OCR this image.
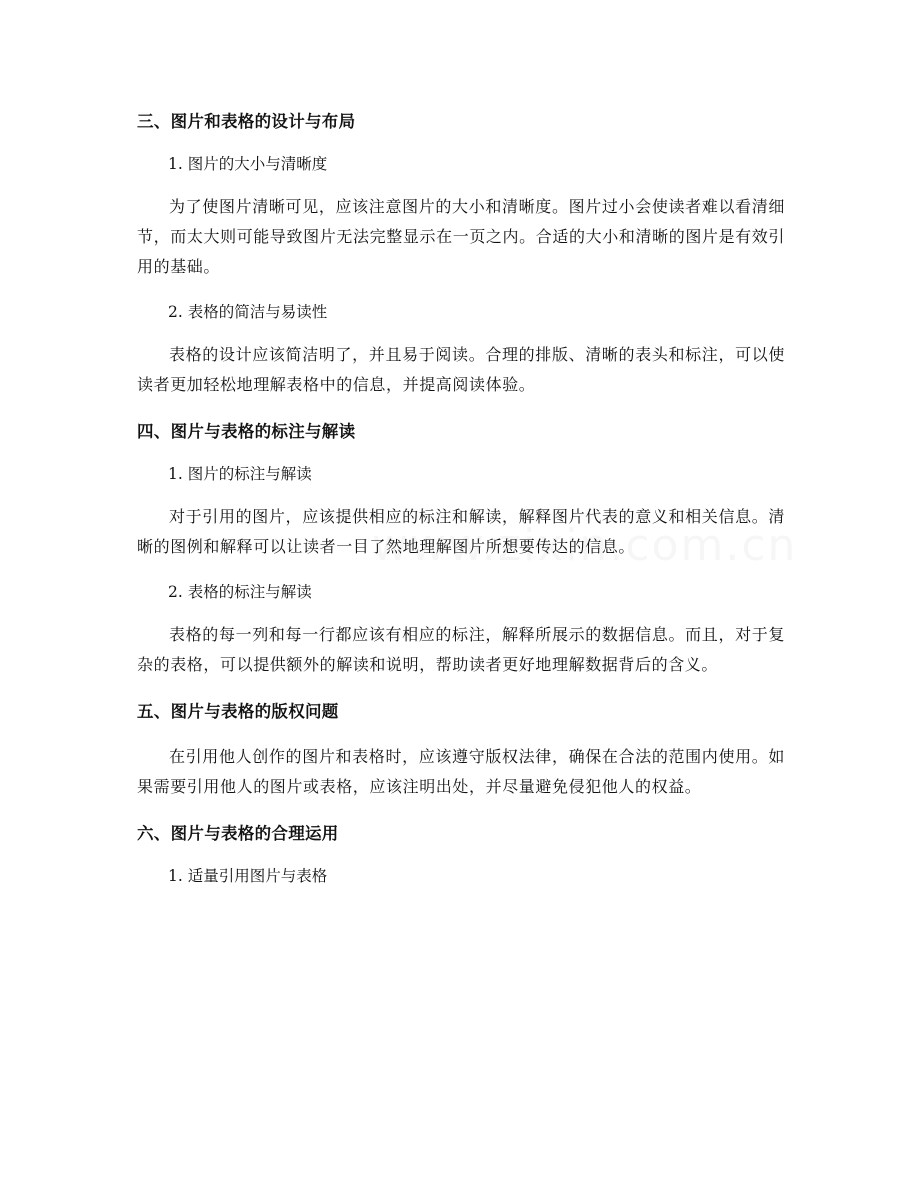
三、图片和表格的设计与布局

1. 图片的大小与清晰度

为了使图片清晰可见，应该注意图片的大小和清晰度。图片过小会使读者难以看清细节，而太大则可能导致图片无法完整显示在一页之内。合适的大小和清晰的图片是有效引用的基础。

2. 表格的简洁与易读性

表格的设计应该简洁明了，并且易于阅读。合理的排版、清晰的表头和标注，可以使读者更加轻松地理解表格中的信息，并提高阅读体验。

四、图片与表格的标注与解读

1. 图片的标注与解读

对于引用的图片，应该提供相应的标注和解读，解释图片代表的意义和相关信息。清晰的图例和解释可以让读者一目了然地理解图片所想要传达的信息。

2. 表格的标注与解读

表格的每一列和每一行都应该有相应的标注，解释所展示的数据信息。而且，对于复杂的表格，可以提供额外的解读和说明，帮助读者更好地理解数据背后的含义。

五、图片与表格的版权问题

在引用他人创作的图片和表格时，应该遵守版权法律，确保在合法的范围内使用。如果需要引用他人的图片或表格，应该注明出处，并尽量避免侵犯他人的权益。

六、图片与表格的合理运用

1. 适量引用图片与表格
